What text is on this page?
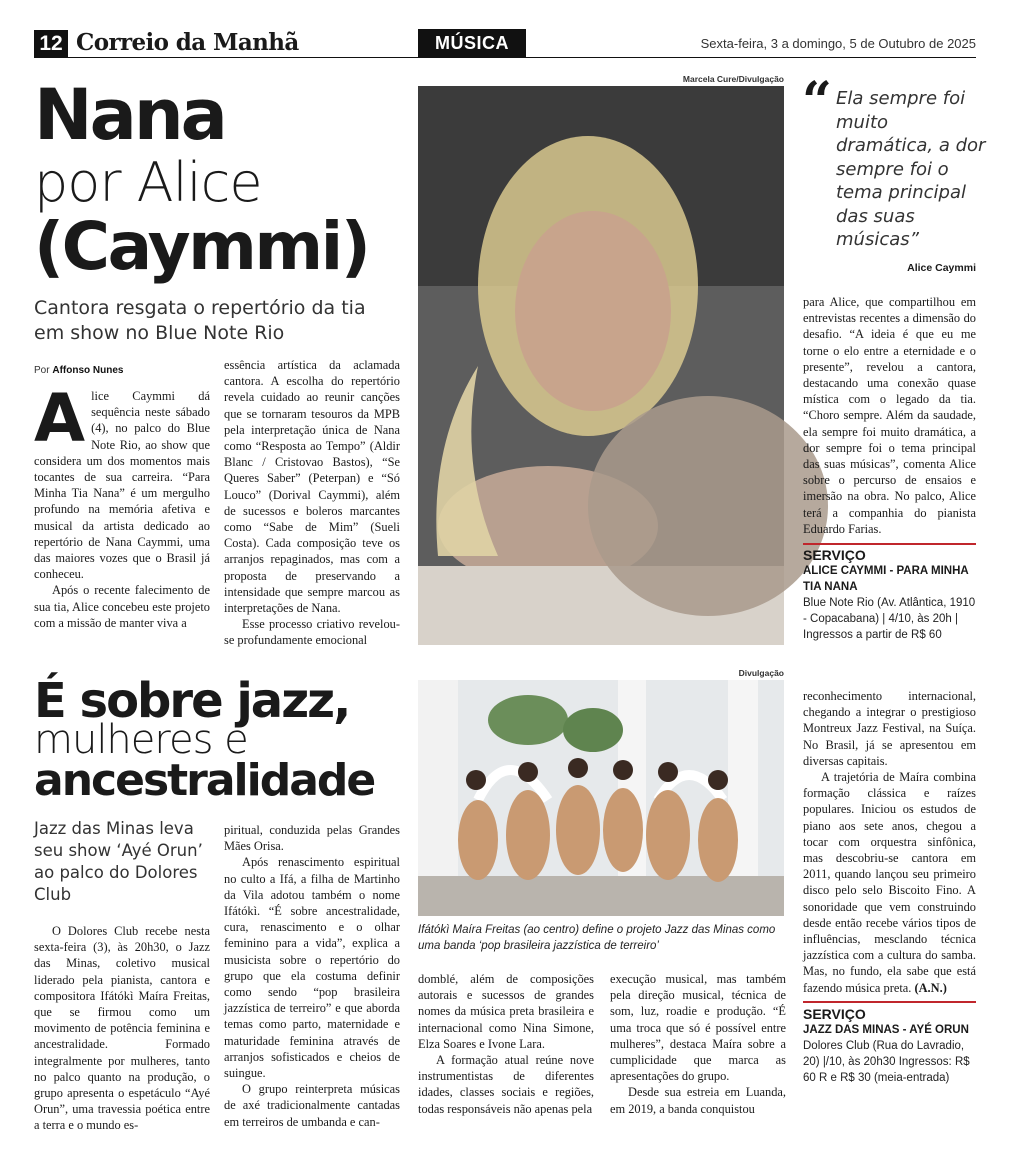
12 Correio da Manhã	MÚSICA	Sexta-feira, 3 a domingo, 5 de Outubro de 2025
Nana
por Alice
(Caymmi)
Cantora resgata o repertório da tia em show no Blue Note Rio
Por Affonso Nunes

Alice Caymmi dá sequência neste sábado (4), no palco do Blue Note Rio, ao show que considera um dos momentos mais tocantes de sua carreira. “Para Minha Tia Nana” é um mergulho profundo na memória afetiva e musical da artista dedicado ao repertório de Nana Caymmi, uma das maiores vozes que o Brasil já conheceu.

Após o recente falecimento de sua tia, Alice concebeu este projeto com a missão de manter viva a

essência artística da aclamada cantora. A escolha do repertório revela cuidado ao reunir canções que se tornaram tesouros da MPB pela interpretação única de Nana como “Resposta ao Tempo” (Aldir Blanc / Cristovao Bastos), “Se Queres Saber” (Peterpan) e “Só Louco” (Dorival Caymmi), além de sucessos e boleros marcantes como “Sabe de Mim” (Sueli Costa). Cada composição teve os arranjos repaginados, mas com a proposta de preservando a intensidade que sempre marcou as interpretações de Nana.

Esse processo criativo revelou-se profundamente emocional

Marcela Cure/Divulgação “ Ela sempre foi muito dramática, a dor sempre foi o tema principal das suas músicas”
Alice Caymmi

para Alice, que compartilhou em entrevistas recentes a dimensão do desafio. “A ideia é que eu me torne o elo entre a eternidade e o presente”, revelou a cantora, destacando uma conexão quase mística com o legado da tia. “Choro sempre. Além da saudade, ela sempre foi muito dramática, a dor sempre foi o tema principal das suas músicas”, comenta Alice sobre o percurso de ensaios e imersão na obra. No palco, Alice terá a companhia do pianista Eduardo Farias.

SERVIÇO
ALICE CAYMMI - PARA MINHA TIA NANA
Blue Note Rio (Av. Atlântica, 1910 - Copacabana) | 4/10, às 20h | Ingressos a partir de R$ 60
É sobre jazz,
mulheres e
ancestralidade
Jazz das Minas leva seu show ‘Ayé Orun’ ao palco do Dolores Club

O Dolores Club recebe nesta sexta-feira (3), às 20h30, o Jazz das Minas, coletivo musical liderado pela pianista, cantora e compositora Ifátókì Maíra Freitas, que se firmou como um movimento de potência feminina e ancestralidade. Formado integralmente por mulheres, tanto no palco quanto na produção, o grupo apresenta o espetáculo “Ayé Orun”, uma travessia poética entre a terra e o mundo es-

piritual, conduzida pelas Grandes Mães Orisa.

Após renascimento espiritual no culto a Ifá, a filha de Martinho da Vila adotou também o nome Ifátókì. “É sobre ancestralidade, cura, renascimento e o olhar feminino para a vida”, explica a musicista sobre o repertório do grupo que ela costuma definir como sendo “pop brasileira jazzística de terreiro” e que aborda temas como parto, maternidade e maturidade feminina através de arranjos sofisticados e cheios de suingue.

O grupo reinterpreta músicas de axé tradicionalmente cantadas em terreiros de umbanda e can-

Divulgação
Ifátókì Maíra Freitas (ao centro) define o projeto Jazz das Minas como uma banda ‘pop brasileira jazzística de terreiro’

domblé, além de composições autorais e sucessos de grandes nomes da música preta brasileira e internacional como Nina Simone, Elza Soares e Ivone Lara.

A formação atual reúne nove instrumentistas de diferentes idades, classes sociais e regiões, todas responsáveis não apenas pela

execução musical, mas também pela direção musical, técnica de som, luz, roadie e produção. “É uma troca que só é possível entre mulheres”, destaca Maíra sobre a cumplicidade que marca as apresentações do grupo.

Desde sua estreia em Luanda, em 2019, a banda conquistou

reconhecimento internacional, chegando a integrar o prestigioso Montreux Jazz Festival, na Suíça. No Brasil, já se apresentou em diversas capitais.

A trajetória de Maíra combina formação clássica e raízes populares. Iniciou os estudos de piano aos sete anos, chegou a tocar com orquestra sinfônica, mas descobriu-se cantora em 2011, quando lançou seu primeiro disco pelo selo Biscoito Fino. A sonoridade que vem construindo desde então recebe vários tipos de influências, mesclando técnica jazzística com a cultura do samba. Mas, no fundo, ela sabe que está fazendo música preta. (A.N.)

SERVIÇO
JAZZ DAS MINAS - AYÉ ORUN
Dolores Club (Rua do Lavradio, 20) |/10, às 20h30 Ingressos: R$ 60 R e R$ 30 (meia-entrada)
